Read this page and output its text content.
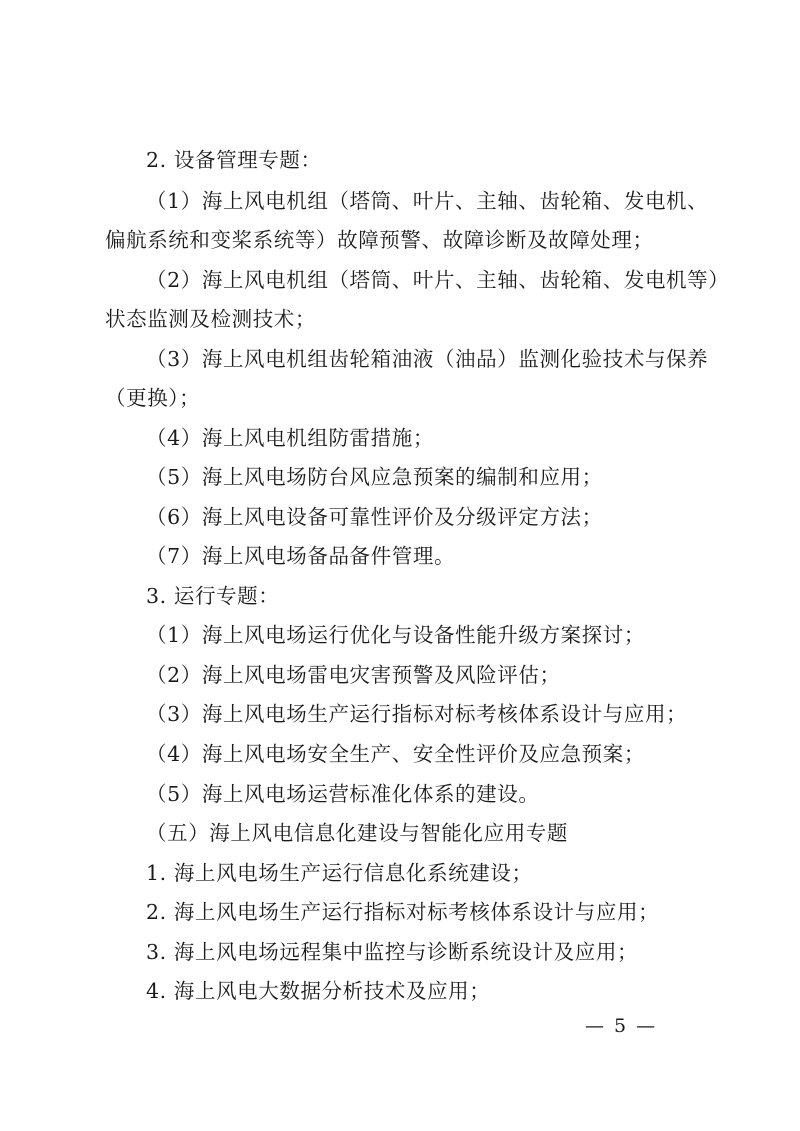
2. 设备管理专题：
（1）海上风电机组（塔筒、叶片、主轴、齿轮箱、发电机、
偏航系统和变桨系统等）故障预警、故障诊断及故障处理；
（2）海上风电机组（塔筒、叶片、主轴、齿轮箱、发电机等）
状态监测及检测技术；
（3）海上风电机组齿轮箱油液（油品）监测化验技术与保养
（更换）；
（4）海上风电机组防雷措施；
（5）海上风电场防台风应急预案的编制和应用；
（6）海上风电设备可靠性评价及分级评定方法；
（7）海上风电场备品备件管理。
3. 运行专题：
（1）海上风电场运行优化与设备性能升级方案探讨；
（2）海上风电场雷电灾害预警及风险评估；
（3）海上风电场生产运行指标对标考核体系设计与应用；
（4）海上风电场安全生产、安全性评价及应急预案；
（5）海上风电场运营标准化体系的建设。
（五）海上风电信息化建设与智能化应用专题
1. 海上风电场生产运行信息化系统建设；
2. 海上风电场生产运行指标对标考核体系设计与应用；
3. 海上风电场远程集中监控与诊断系统设计及应用；
4. 海上风电大数据分析技术及应用；
— 5 —
